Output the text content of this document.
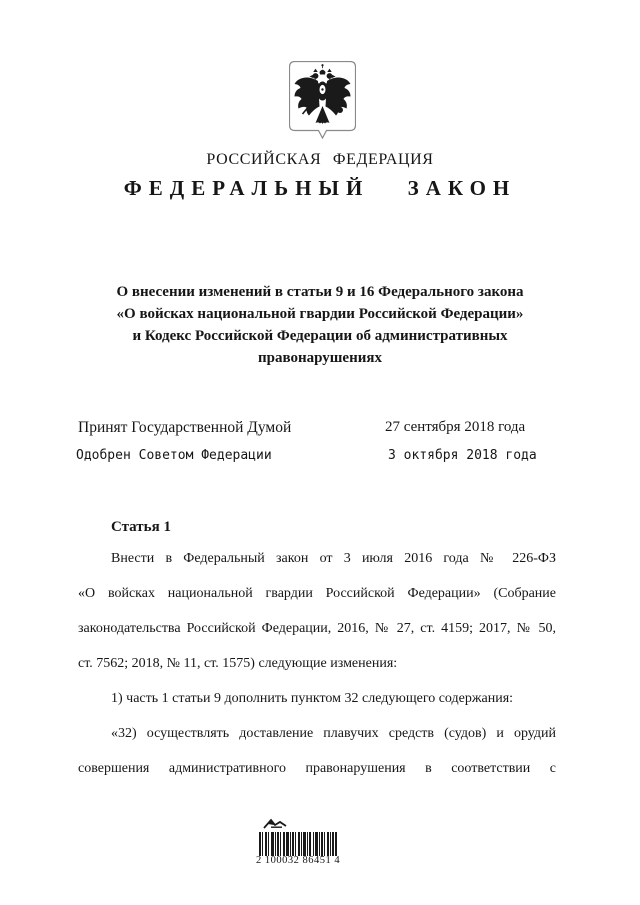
РОССИЙСКАЯ ФЕДЕРАЦИЯ
ФЕДЕРАЛЬНЫЙ ЗАКОН
О внесении изменений в статьи 9 и 16 Федерального закона
«О войсках национальной гвардии Российской Федерации»
и Кодекс Российской Федерации об административных
правонарушениях
Принят Государственной Думой	27 сентября 2018 года
Одобрен Советом Федерации	3 октября 2018 года
Статья 1
Внести в Федеральный закон от 3 июля 2016 года № 226-ФЗ
«О войсках национальной гвардии Российской Федерации» (Собрание
законодательства Российской Федерации, 2016, № 27, ст. 4159; 2017, № 50,
ст. 7562; 2018, № 11, ст. 1575) следующие изменения:
1) часть 1 статьи 9 дополнить пунктом 32 следующего содержания:
«32) осуществлять доставление плавучих средств (судов) и орудий
совершения административного правонарушения в соответствии с
2 100032 86451 4
